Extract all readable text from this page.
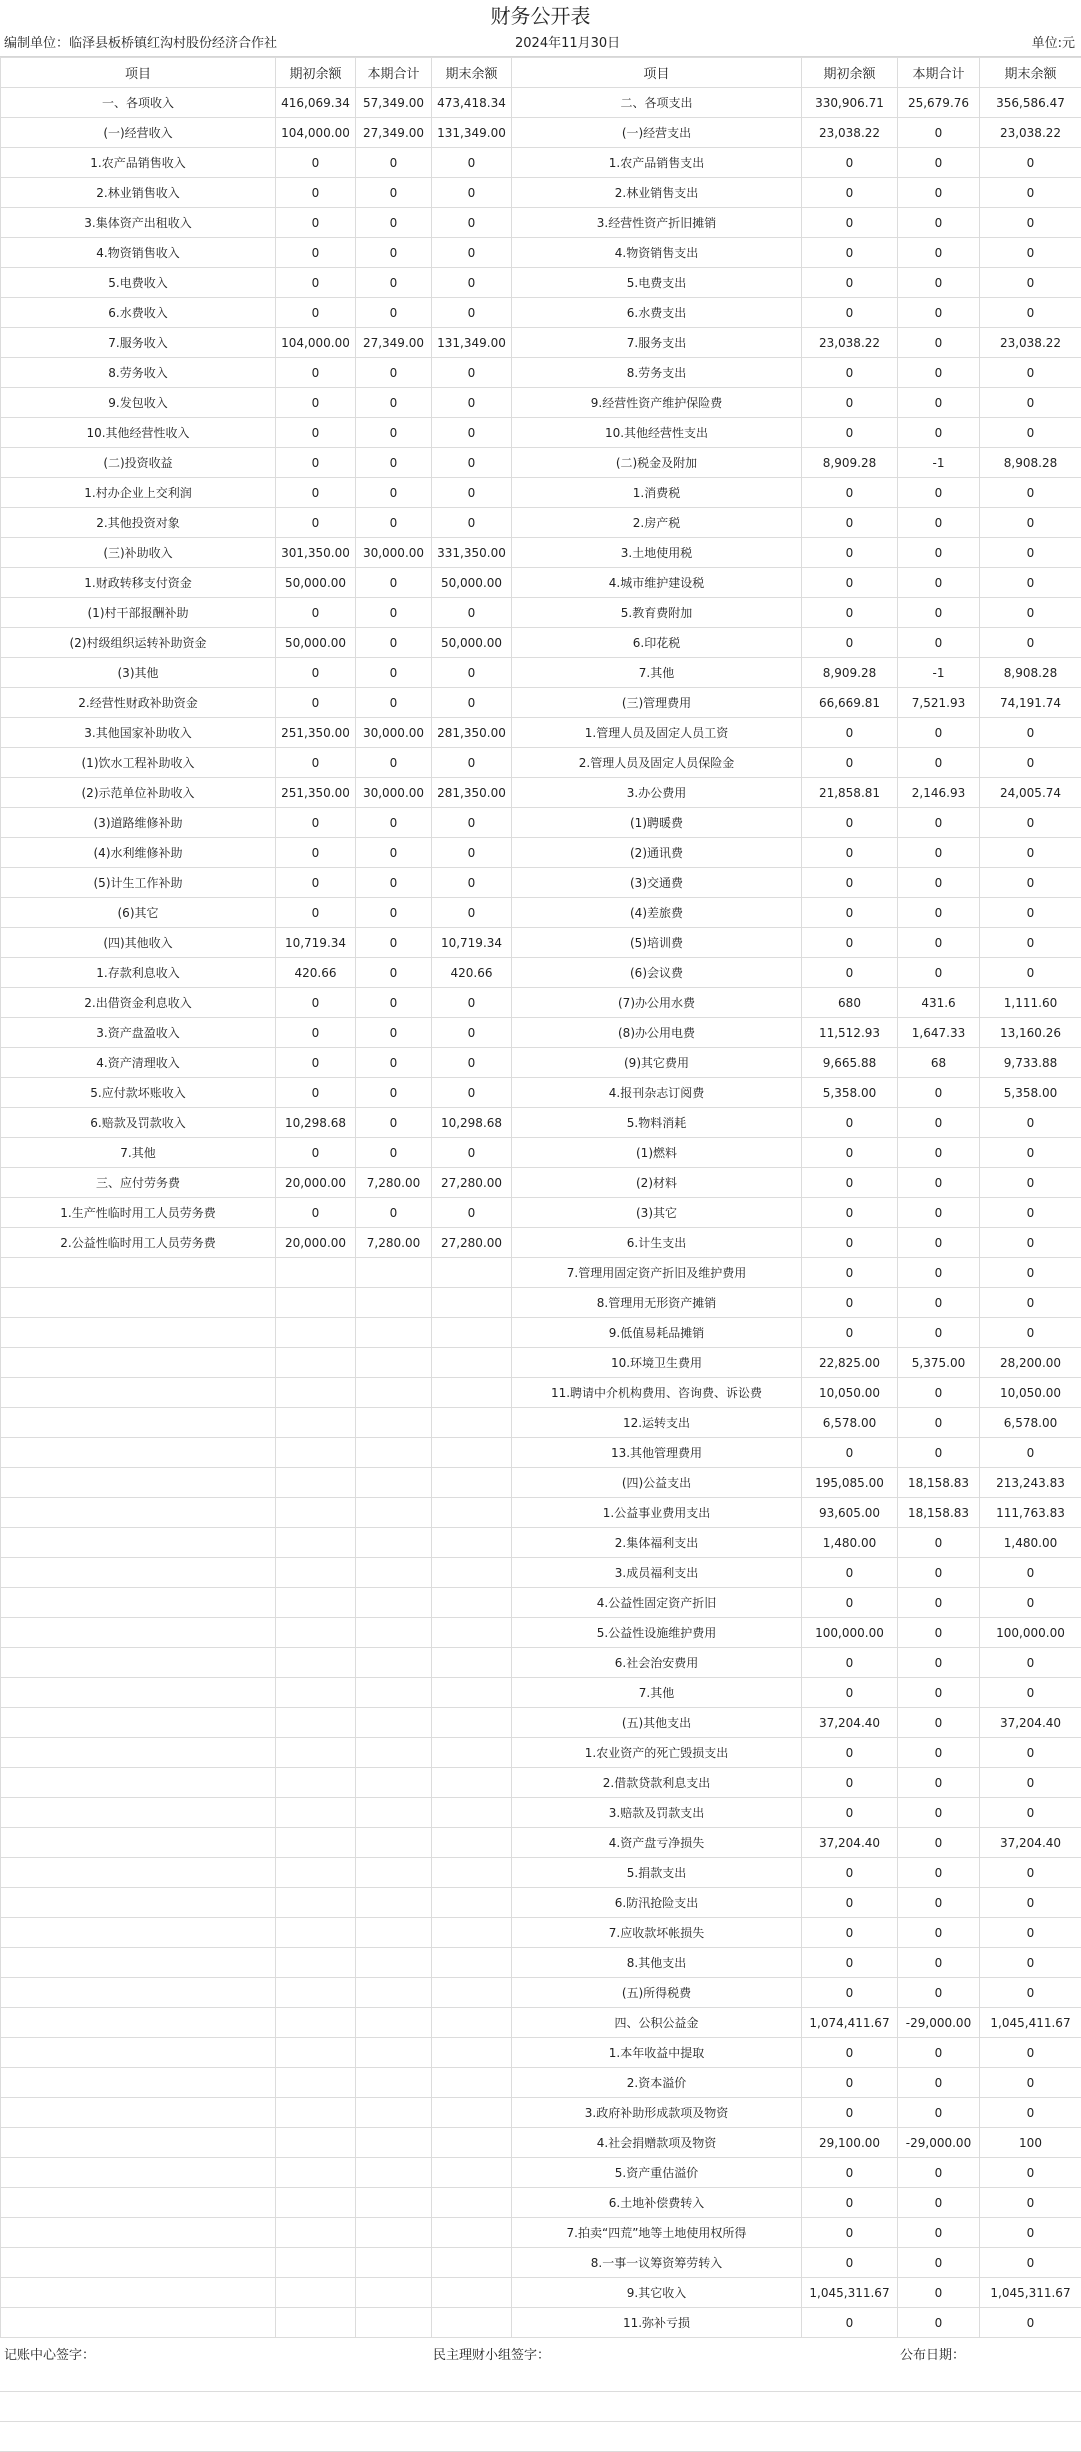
财务公开表
编制单位：临泽县板桥镇红沟村股份经济合作社	2024年11月30日	单位:元
项目	期初余额	本期合计	期末余额	项目	期初余额	本期合计	期末余额
一、各项收入	416,069.34	57,349.00	473,418.34	二、各项支出	330,906.71	25,679.76	356,586.47
(一)经营收入	104,000.00	27,349.00	131,349.00	(一)经营支出	23,038.22	0	23,038.22
1.农产品销售收入	0	0	0	1.农产品销售支出	0	0	0
2.林业销售收入	0	0	0	2.林业销售支出	0	0	0
3.集体资产出租收入	0	0	0	3.经营性资产折旧摊销	0	0	0
4.物资销售收入	0	0	0	4.物资销售支出	0	0	0
5.电费收入	0	0	0	5.电费支出	0	0	0
6.水费收入	0	0	0	6.水费支出	0	0	0
7.服务收入	104,000.00	27,349.00	131,349.00	7.服务支出	23,038.22	0	23,038.22
8.劳务收入	0	0	0	8.劳务支出	0	0	0
9.发包收入	0	0	0	9.经营性资产维护保险费	0	0	0
10.其他经营性收入	0	0	0	10.其他经营性支出	0	0	0
(二)投资收益	0	0	0	(二)税金及附加	8,909.28	-1	8,908.28
1.村办企业上交利润	0	0	0	1.消费税	0	0	0
2.其他投资对象	0	0	0	2.房产税	0	0	0
(三)补助收入	301,350.00	30,000.00	331,350.00	3.土地使用税	0	0	0
1.财政转移支付资金	50,000.00	0	50,000.00	4.城市维护建设税	0	0	0
(1)村干部报酬补助	0	0	0	5.教育费附加	0	0	0
(2)村级组织运转补助资金	50,000.00	0	50,000.00	6.印花税	0	0	0
(3)其他	0	0	0	7.其他	8,909.28	-1	8,908.28
2.经营性财政补助资金	0	0	0	(三)管理费用	66,669.81	7,521.93	74,191.74
3.其他国家补助收入	251,350.00	30,000.00	281,350.00	1.管理人员及固定人员工资	0	0	0
(1)饮水工程补助收入	0	0	0	2.管理人员及固定人员保险金	0	0	0
(2)示范单位补助收入	251,350.00	30,000.00	281,350.00	3.办公费用	21,858.81	2,146.93	24,005.74
(3)道路维修补助	0	0	0	(1)聘暖费	0	0	0
(4)水利维修补助	0	0	0	(2)通讯费	0	0	0
(5)计生工作补助	0	0	0	(3)交通费	0	0	0
(6)其它	0	0	0	(4)差旅费	0	0	0
(四)其他收入	10,719.34	0	10,719.34	(5)培训费	0	0	0
1.存款利息收入	420.66	0	420.66	(6)会议费	0	0	0
2.出借资金利息收入	0	0	0	(7)办公用水费	680	431.6	1,111.60
3.资产盘盈收入	0	0	0	(8)办公用电费	11,512.93	1,647.33	13,160.26
4.资产清理收入	0	0	0	(9)其它费用	9,665.88	68	9,733.88
5.应付款坏账收入	0	0	0	4.报刊杂志订阅费	5,358.00	0	5,358.00
6.赔款及罚款收入	10,298.68	0	10,298.68	5.物料消耗	0	0	0
7.其他	0	0	0	(1)燃料	0	0	0
三、应付劳务费	20,000.00	7,280.00	27,280.00	(2)材料	0	0	0
1.生产性临时用工人员劳务费	0	0	0	(3)其它	0	0	0
2.公益性临时用工人员劳务费	20,000.00	7,280.00	27,280.00	6.计生支出	0	0	0
				7.管理用固定资产折旧及维护费用	0	0	0
				8.管理用无形资产摊销	0	0	0
				9.低值易耗品摊销	0	0	0
				10.环境卫生费用	22,825.00	5,375.00	28,200.00
				11.聘请中介机构费用、咨询费、诉讼费	10,050.00	0	10,050.00
				12.运转支出	6,578.00	0	6,578.00
				13.其他管理费用	0	0	0
				(四)公益支出	195,085.00	18,158.83	213,243.83
				1.公益事业费用支出	93,605.00	18,158.83	111,763.83
				2.集体福利支出	1,480.00	0	1,480.00
				3.成员福利支出	0	0	0
				4.公益性固定资产折旧	0	0	0
				5.公益性设施维护费用	100,000.00	0	100,000.00
				6.社会治安费用	0	0	0
				7.其他	0	0	0
				(五)其他支出	37,204.40	0	37,204.40
				1.农业资产的死亡毁损支出	0	0	0
				2.借款贷款利息支出	0	0	0
				3.赔款及罚款支出	0	0	0
				4.资产盘亏净损失	37,204.40	0	37,204.40
				5.捐款支出	0	0	0
				6.防汛抢险支出	0	0	0
				7.应收款坏帐损失	0	0	0
				8.其他支出	0	0	0
				(五)所得税费	0	0	0
				四、公积公益金	1,074,411.67	-29,000.00	1,045,411.67
				1.本年收益中提取	0	0	0
				2.资本溢价	0	0	0
				3.政府补助形成款项及物资	0	0	0
				4.社会捐赠款项及物资	29,100.00	-29,000.00	100
				5.资产重估溢价	0	0	0
				6.土地补偿费转入	0	0	0
				7.拍卖“四荒”地等土地使用权所得	0	0	0
				8.一事一议筹资筹劳转入	0	0	0
				9.其它收入	1,045,311.67	0	1,045,311.67
				11.弥补亏损	0	0	0
记账中心签字：	民主理财小组签字：	公布日期：
